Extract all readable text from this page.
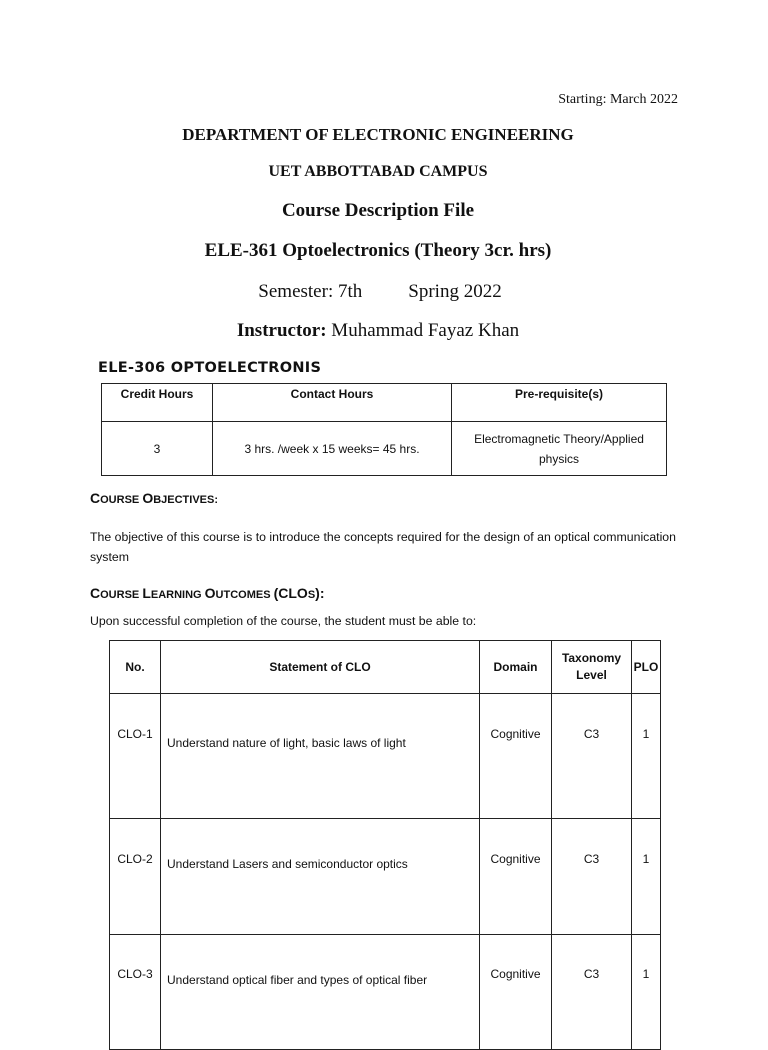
Starting: March 2022
DEPARTMENT OF ELECTRONIC ENGINEERING
UET ABBOTTABAD CAMPUS
Course Description File
ELE-361 Optoelectronics (Theory 3cr. hrs)
Semester: 7th Spring 2022
Instructor: Muhammad Fayaz Khan
ELE-306 OPTOELECTRONIS
Credit Hours	Contact Hours	Pre-requisite(s)
3	3 hrs. /week x 15 weeks= 45 hrs.	Electromagnetic Theory/Applied physics
COURSE OBJECTIVES:
The objective of this course is to introduce the concepts required for the design of an optical communication system
COURSE LEARNING OUTCOMES (CLOS):
Upon successful completion of the course, the student must be able to:
No.	Statement of CLO	Domain	Taxonomy Level	PLO
CLO-1	Understand nature of light, basic laws of light	Cognitive	C3	1
CLO-2	Understand Lasers and semiconductor optics	Cognitive	C3	1
CLO-3	Understand optical fiber and types of optical fiber	Cognitive	C3	1
